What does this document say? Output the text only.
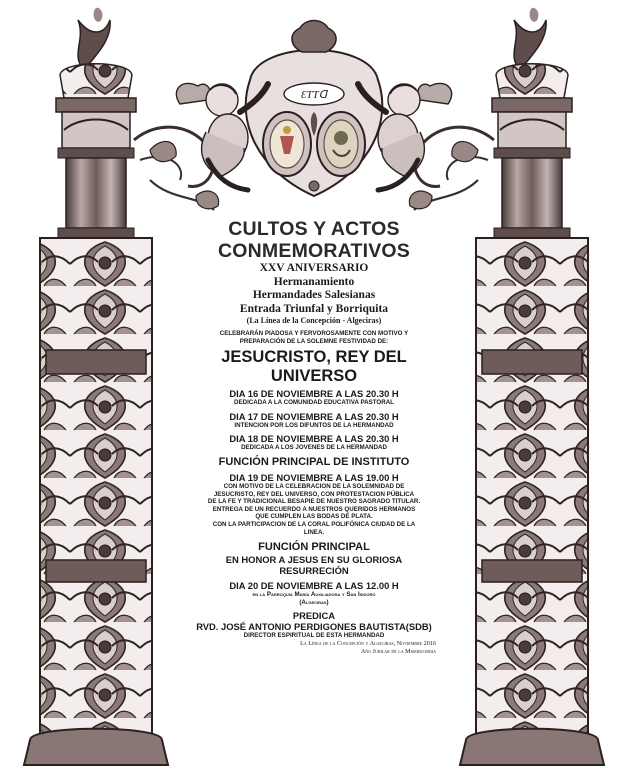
ƐTTᗡ
CULTOS Y ACTOS
CONMEMORATIVOS
XXV ANIVERSARIO
Hermanamiento
Hermandades Salesianas
Entrada Triunfal y Borriquita
(La Línea de la Concepción - Algeciras)
CELEBRARÁN PIADOSA Y FERVOROSAMENTE CON MOTIVO Y
PREPARACIÓN DE LA SOLEMNE FESTIVIDAD DE:
JESUCRISTO, REY DEL
UNIVERSO
DIA 16 DE NOVIEMBRE A LAS 20.30 H
DEDICADA A LA COMUNIDAD EDUCATIVA PASTORAL
DIA 17 DE NOVIEMBRE A LAS 20.30 H
INTENCION POR LOS DIFUNTOS DE LA HERMANDAD
DIA 18 DE NOVIEMBRE A LAS 20.30 H
DEDICADA A LOS JOVENES DE LA HERMANDAD
FUNCIÓN PRINCIPAL DE INSTITUTO
DIA 19 DE NOVIEMBRE A LAS 19.00 H
CON MOTIVO DE LA CELEBRACION DE LA SOLEMNIDAD DE
JESUCRISTO, REY DEL UNIVERSO, CON PROTESTACION PÚBLICA
DE LA FE Y TRADICIONAL BESAPIE DE NUESTRO SAGRADO TITULAR.
ENTREGA DE UN RECUERDO A NUESTROS QUERIDOS HERMANOS
QUE CUMPLEN LAS BODAS DE PLATA.
CON LA PARTICIPACION DE LA CORAL POLIFÓNICA CIUDAD DE LA
LINEA.
FUNCIÓN PRINCIPAL
EN HONOR A JESUS EN SU GLORIOSA
RESURRECIÓN
DIA 20 DE NOVIEMBRE A LAS 12.00 H
en la Parroquia María Auxiliadora y San Isidoro
(Algeciras)
PREDICA
RVD. JOSÉ ANTONIO PERDIGONES BAUTISTA(SDB)
DIRECTOR ESPIRITUAL DE ESTA HERMANDAD
La Línea de la Concepción y Algeciras, Noviembre 2016
Año Jubilar de la Misericordia
